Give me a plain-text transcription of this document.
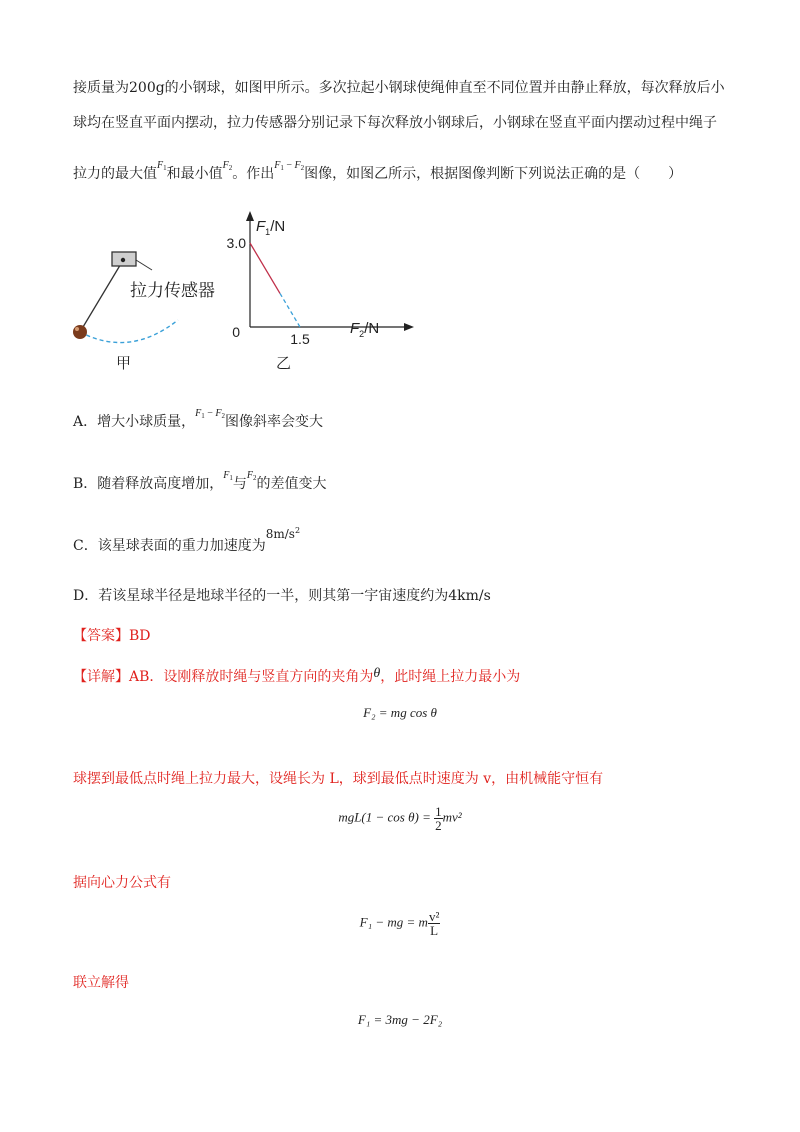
接质量为200g的小钢球，如图甲所示。多次拉起小钢球使绳伸直至不同位置并由静止释放，每次释放后小
球均在竖直平面内摆动，拉力传感器分别记录下每次释放小钢球后，小钢球在竖直平面内摆动过程中绳子
拉力的最大值$^{F_1}$和最小值$^{F_2}$。作出$^{F_1 - F_2}$图像，如图乙所示，根据图像判断下列说法正确的是（　　）
拉力传感器
甲
$F_1/N$
$F_2/N$
3.0
0	1.5
乙
A．增大小球质量，$^{F_1 - F_2}$图像斜率会变大
B．随着释放高度增加，$^{F_1}$与$^{F_2}$的差值变大
C．该星球表面的重力加速度为$8m/s^2$
D．若该星球半径是地球半径的一半，则其第一宇宙速度约为4km/s
【答案】BD
【详解】AB．设刚释放时绳与竖直方向的夹角为θ，此时绳上拉力最小为
F₂ = mg cos θ
球摆到最低点时绳上拉力最大，设绳长为 L，球到最低点时速度为 v，由机械能守恒有
$mgL(1 - \cos \theta) = \frac{1}{2} mv^2$
据向心力公式有
F₁ − mg = m $\frac{\text{v²}}{L}$
联立解得
F₁ = 3mg − 2F₂
